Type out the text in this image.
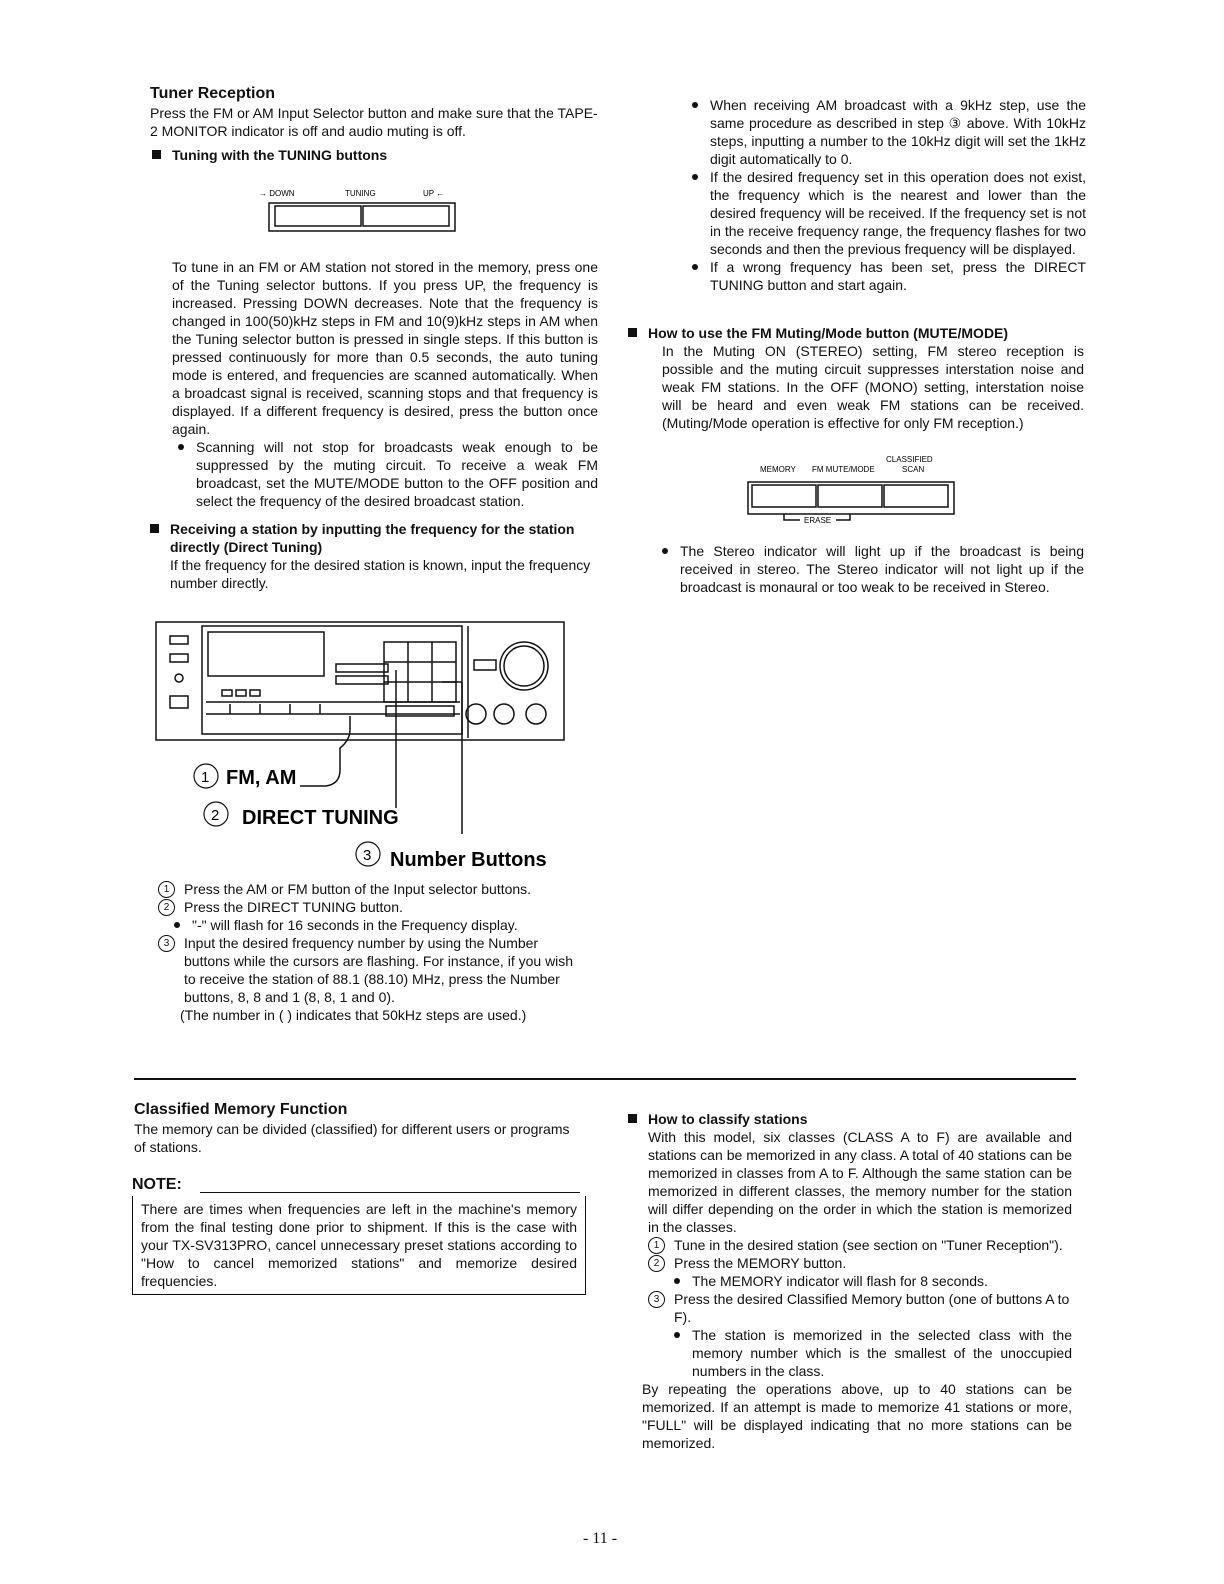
Tuner Reception

Press the FM or AM Input Selector button and make sure that the TAPE-2 MONITOR indicator is off and audio muting is off.

Tuning with the TUNING buttons

→ DOWN	TUNING	UP ←

To tune in an FM or AM station not stored in the memory, press one of the Tuning selector buttons. If you press UP, the frequency is increased. Pressing DOWN decreases. Note that the frequency is changed in 100(50)kHz steps in FM and 10(9)kHz steps in AM when the Tuning selector button is pressed in single steps. If this button is pressed continuously for more than 0.5 seconds, the auto tuning mode is entered, and frequencies are scanned automatically. When a broadcast signal is received, scanning stops and that frequency is displayed. If a different frequency is desired, press the button once again.

Scanning will not stop for broadcasts weak enough to be suppressed by the muting circuit. To receive a weak FM broadcast, set the MUTE/MODE button to the OFF position and select the frequency of the desired broadcast station.

Receiving a station by inputting the frequency for the station directly (Direct Tuning)

If the frequency for the desired station is known, input the frequency number directly.

1 FM, AM
2 DIRECT TUNING
3 Number Buttons

1	Press the AM or FM button of the Input selector buttons.

2	Press the DIRECT TUNING button.

"-" will flash for 16 seconds in the Frequency display.

3	Input the desired frequency number by using the Number buttons while the cursors are flashing. For instance, if you wish to receive the station of 88.1 (88.10) MHz, press the Number buttons, 8, 8 and 1 (8, 8, 1 and 0).

(The number in ( ) indicates that 50kHz steps are used.)

When receiving AM broadcast with a 9kHz step, use the same procedure as described in step ③ above. With 10kHz steps, inputting a number to the 10kHz digit will set the 1kHz digit automatically to 0.

If the desired frequency set in this operation does not exist, the frequency which is the nearest and lower than the desired frequency will be received. If the frequency set is not in the receive frequency range, the frequency flashes for two seconds and then the previous frequency will be displayed.

If a wrong frequency has been set, press the DIRECT TUNING button and start again.

How to use the FM Muting/Mode button (MUTE/MODE)

In the Muting ON (STEREO) setting, FM stereo reception is possible and the muting circuit suppresses interstation noise and weak FM stations. In the OFF (MONO) setting, interstation noise will be heard and even weak FM stations can be received. (Muting/Mode operation is effective for only FM reception.)

CLASSIFIED
MEMORY FM MUTE/MODE	SCAN
ERASE

The Stereo indicator will light up if the broadcast is being received in stereo. The Stereo indicator will not light up if the broadcast is monaural or too weak to be received in Stereo.

Classified Memory Function

The memory can be divided (classified) for different users or programs of stations.

NOTE:

There are times when frequencies are left in the machine's memory from the final testing done prior to shipment. If this is the case with your TX-SV313PRO, cancel unnecessary preset stations according to "How to cancel memorized stations" and memorize desired frequencies.

How to classify stations

With this model, six classes (CLASS A to F) are available and stations can be memorized in any class. A total of 40 stations can be memorized in classes from A to F. Although the same station can be memorized in different classes, the memory number for the station will differ depending on the order in which the station is memorized in the classes.

1	Tune in the desired station (see section on "Tuner Reception").

2	Press the MEMORY button.

The MEMORY indicator will flash for 8 seconds.

3	Press the desired Classified Memory button (one of buttons A to F).

The station is memorized in the selected class with the memory number which is the smallest of the unoccupied numbers in the class.

By repeating the operations above, up to 40 stations can be memorized. If an attempt is made to memorize 41 stations or more, "FULL" will be displayed indicating that no more stations can be memorized.

- 11 -
